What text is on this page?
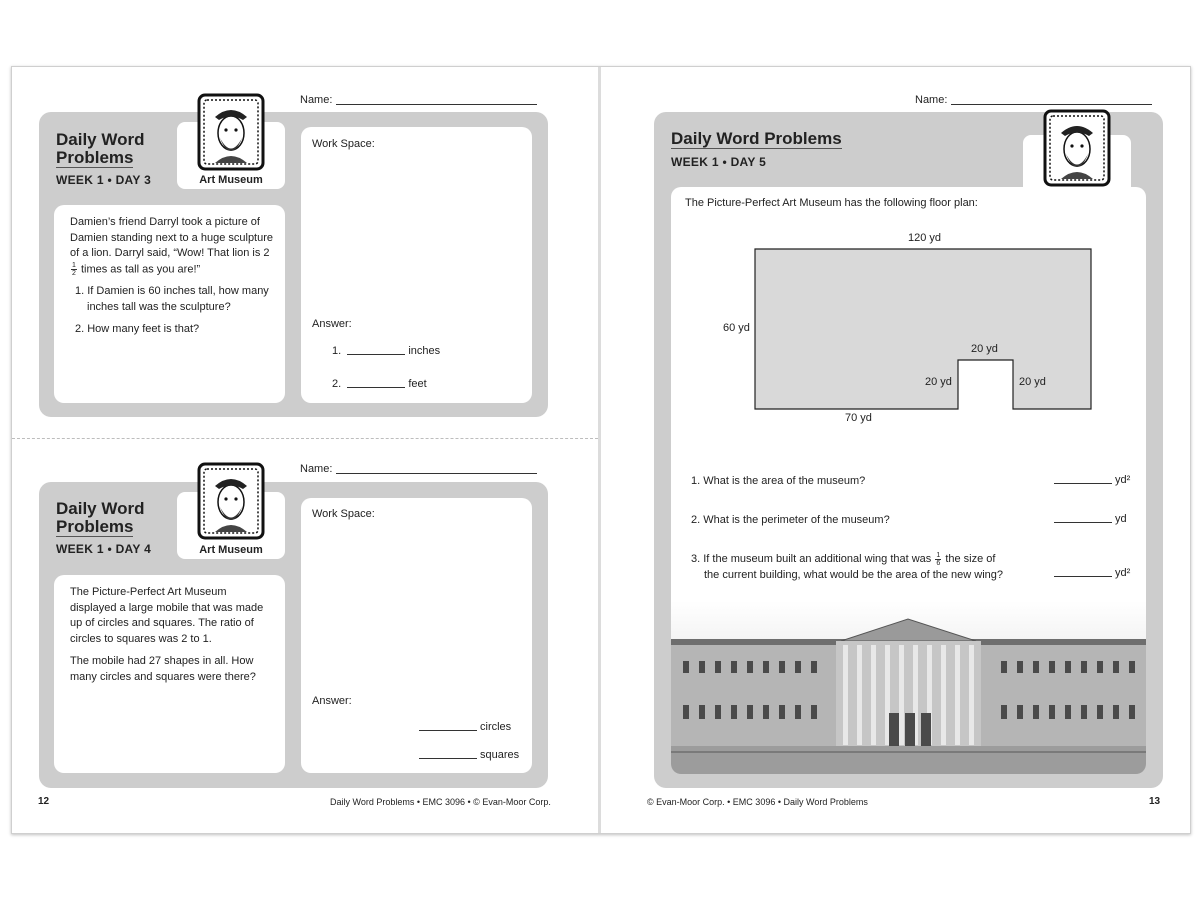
Name:
Art Museum
Daily Word
Problems
WEEK 1 • DAY 3

Damien’s friend Darryl took a picture of Damien standing next to a huge sculpture of a lion. Darryl said, “Wow! That lion is 2
$\frac{1}{2}$ times as tall as you are!”

1. If Damien is 60 inches tall, how many inches tall was the sculpture?

2. How many feet is that?

Work Space:
Answer:
1.	inches
2.	feet
Name:
Art Museum
Daily Word
Problems
WEEK 1 • DAY 4

The Picture-Perfect Art Museum displayed a large mobile that was made up of circles and squares. The ratio of circles to squares was 2 to 1.

The mobile had 27 shapes in all. How many circles and squares were there?

Work Space:
Answer:
circles
squares
12	Daily Word Problems • EMC 3096 • © Evan-Moor Corp.
Name:
Daily Word Problems
WEEK 1 • DAY 5
The Picture-Perfect Art Museum has the following floor plan:
120 yd
60 yd
20 yd
20 yd	20 yd
70 yd
1. What is the area of the museum?	yd²
2. What is the perimeter of the museum?	yd
3. If the museum built an additional wing that was $\frac{1}{6}$ the size of
the current building, what would be the area of the new wing?	yd²
© Evan-Moor Corp. • EMC 3096 • Daily Word Problems	13
